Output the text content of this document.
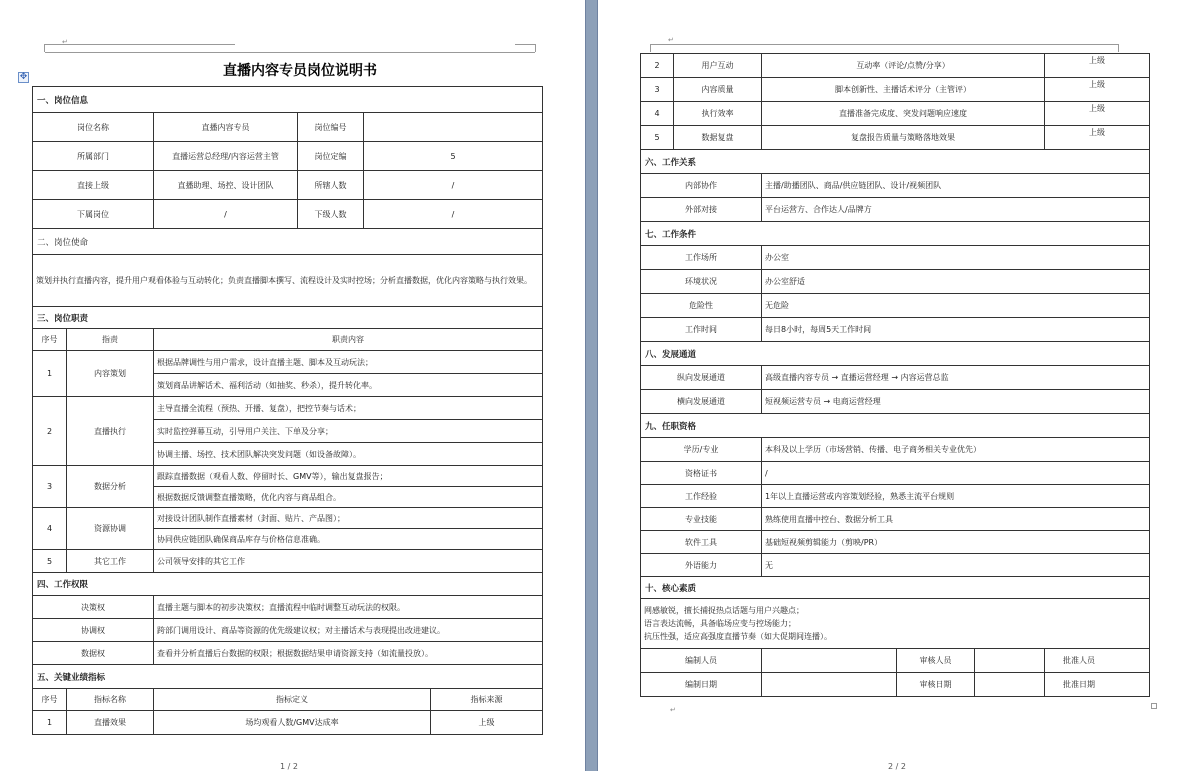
↵
✥	直播内容专员岗位说明书
一、岗位信息					
岗位名称		直播内容专员	岗位编号		
所属部门		直播运营总经理/内容运营主管	岗位定编	5	
直接上级		直播助理、场控、设计团队	所辖人数	/	
下属岗位		/	下级人数	/	
二、岗位使命					
策划并执行直播内容，提升用户观看体验与互动转化；负责直播脚本撰写、流程设计及实时控场；分析直播数据，优化内容策略与执行效果。					
三、岗位职责					
序号	指责	职责内容			
1	内容策划	根据品牌调性与用户需求，设计直播主题、脚本及互动玩法；			
		策划商品讲解话术、福利活动（如抽奖、秒杀），提升转化率。			
2	直播执行	主导直播全流程（预热、开播、复盘），把控节奏与话术；			
		实时监控弹幕互动，引导用户关注、下单及分享；			
		协调主播、场控、技术团队解决突发问题（如设备故障）。			
3	数据分析	跟踪直播数据（观看人数、停留时长、GMV等），输出复盘报告；			
		根据数据反馈调整直播策略，优化内容与商品组合。			
4	资源协调	对接设计团队制作直播素材（封面、贴片、产品图）；			
		协同供应链团队确保商品库存与价格信息准确。			
5	其它工作	公司领导安排的其它工作			
四、工作权限					
决策权		直播主题与脚本的初步决策权；直播流程中临时调整互动玩法的权限。			
协调权		跨部门调用设计、商品等资源的优先级建议权；对主播话术与表现提出改进建议。			
数据权		查看并分析直播后台数据的权限；根据数据结果申请资源支持（如流量投放）。			
五、关键业绩指标					
序号	指标名称	指标定义			指标来源
1	直播效果	场均观看人数/GMV达成率			上级
1 / 2
↵
2	用户互动	互动率（评论/点赞/分享）			上级
3	内容质量	脚本创新性、主播话术评分（主管评）			上级
4	执行效率	直播准备完成度、突发问题响应速度			上级
5	数据复盘	复盘报告质量与策略落地效果			上级
六、工作关系					
内部协作		主播/助播团队、商品/供应链团队、设计/视频团队			
外部对接		平台运营方、合作达人/品牌方			
七、工作条件					
工作场所		办公室			
环境状况		办公室舒适			
危险性		无危险			
工作时间		每日8小时，每周5天工作时间			
八、发展通道					
纵向发展通道		高级直播内容专员 → 直播运营经理 → 内容运营总监			
横向发展通道		短视频运营专员 → 电商运营经理			
九、任职资格					
学历/专业		本科及以上学历（市场营销、传播、电子商务相关专业优先）			
资格证书		/			
工作经验		1年以上直播运营或内容策划经验，熟悉主流平台规则			
专业技能		熟练使用直播中控台、数据分析工具			
软件工具		基础短视频剪辑能力（剪映/PR）			
外语能力		无			
十、核心素质					

网感敏锐，擅长捕捉热点话题与用户兴趣点；
语言表达流畅，具备临场应变与控场能力；
抗压性强，适应高强度直播节奏（如大促期间连播）。					

编制人员			审核人员		批准人员
编制日期			审核日期		批准日期
↵
2 / 2
